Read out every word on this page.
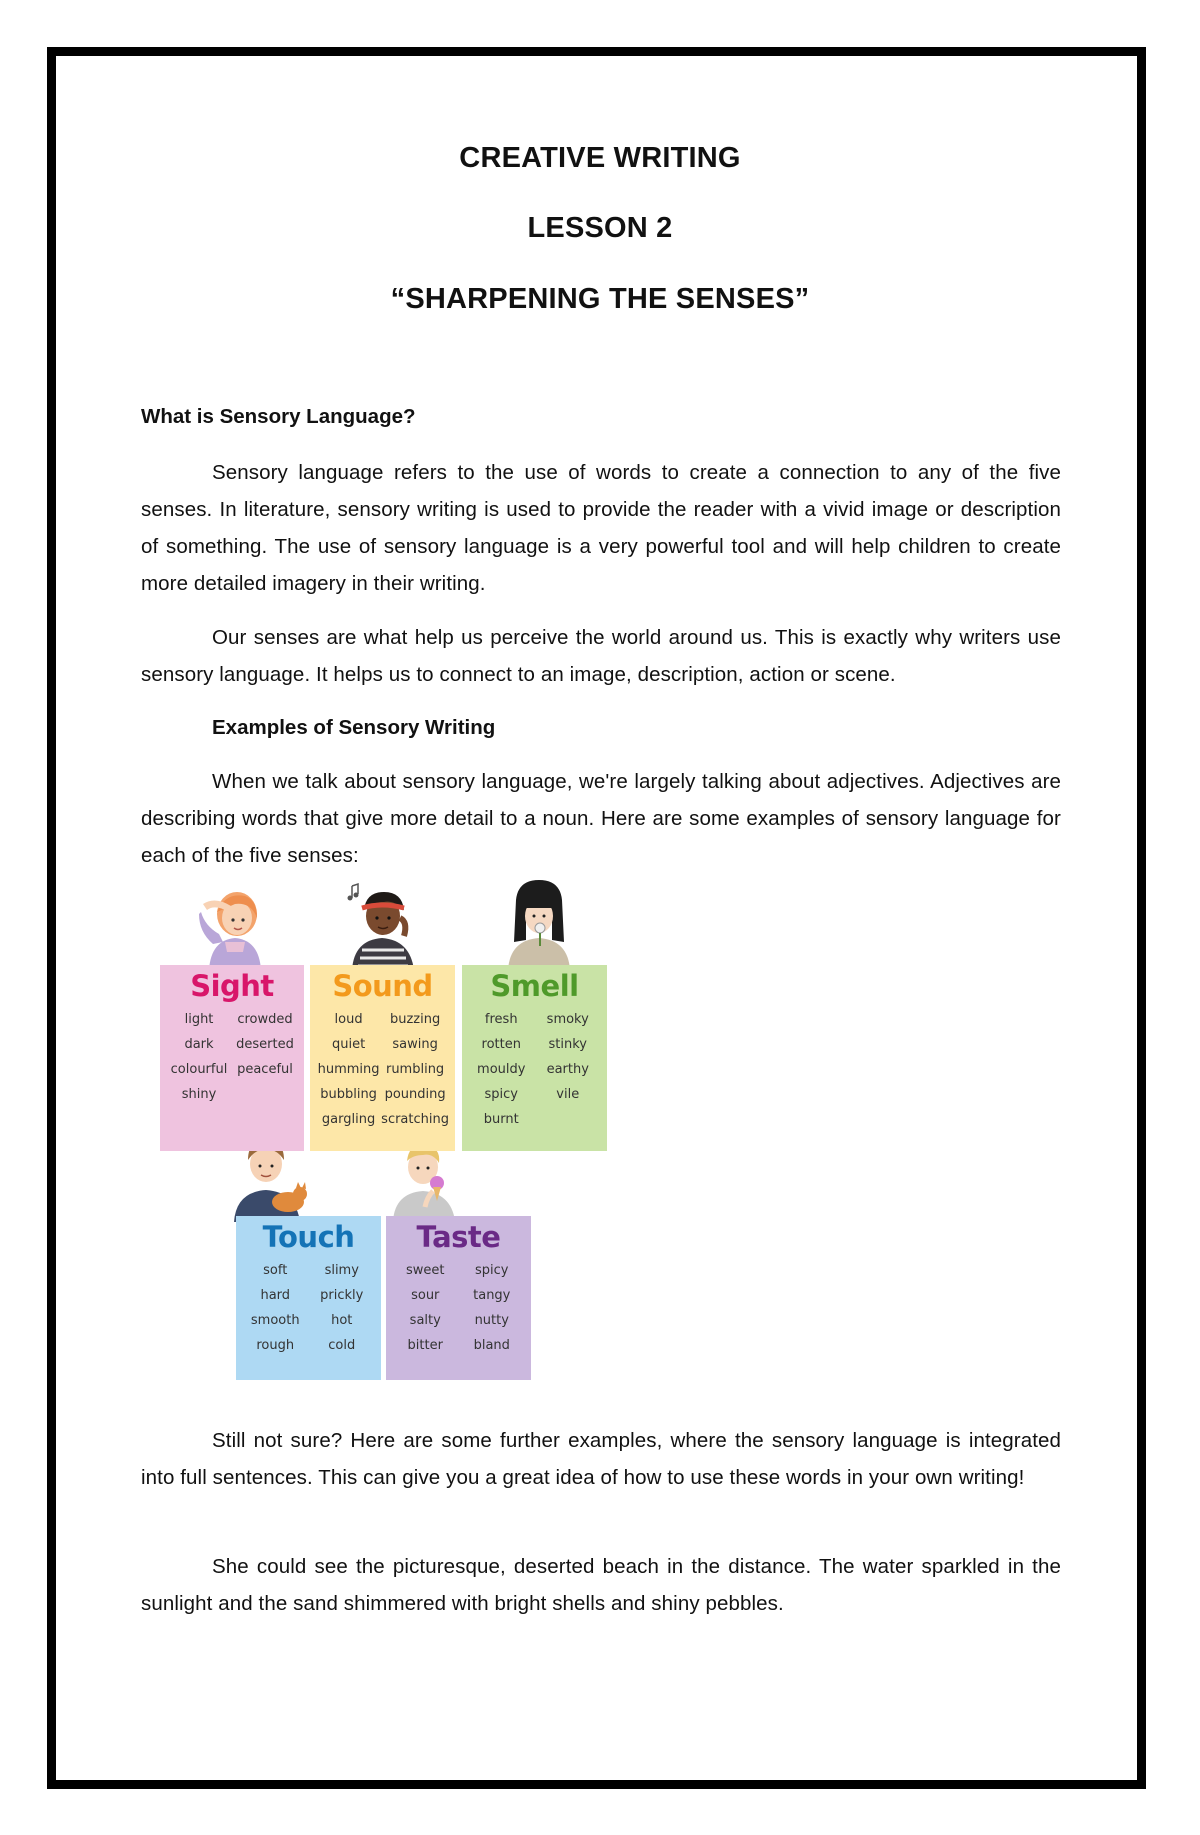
CREATIVE WRITING
LESSON 2
“SHARPENING THE SENSES”
What is Sensory Language?
Sensory language refers to the use of words to create a connection to any of the five senses. In literature, sensory writing is used to provide the reader with a vivid image or description of something. The use of sensory language is a very powerful tool and will help children to create more detailed imagery in their writing.
Our senses are what help us perceive the world around us. This is exactly why writers use sensory language. It helps us to connect to an image, description, action or scene.
Examples of Sensory Writing
When we talk about sensory language, we're largely talking about adjectives. Adjectives are describing words that give more detail to a noun. Here are some examples of sensory language for each of the five senses:
Sight
light	crowded
dark	deserted
colourful peaceful
shiny
Sound
loud	buzzing
quiet	sawing
humming rumbling
bubbling pounding
gargling scratching
Smell
fresh	smoky
rotten	stinky
mouldy	earthy
spicy	vile
burnt
Touch
soft	slimy
hard	prickly
smooth	hot
rough	cold
Taste
sweet	spicy
sour	tangy
salty	nutty
bitter	bland
Still not sure? Here are some further examples, where the sensory language is integrated into full sentences. This can give you a great idea of how to use these words in your own writing!
She could see the picturesque, deserted beach in the distance. The water sparkled in the sunlight and the sand shimmered with bright shells and shiny pebbles.
